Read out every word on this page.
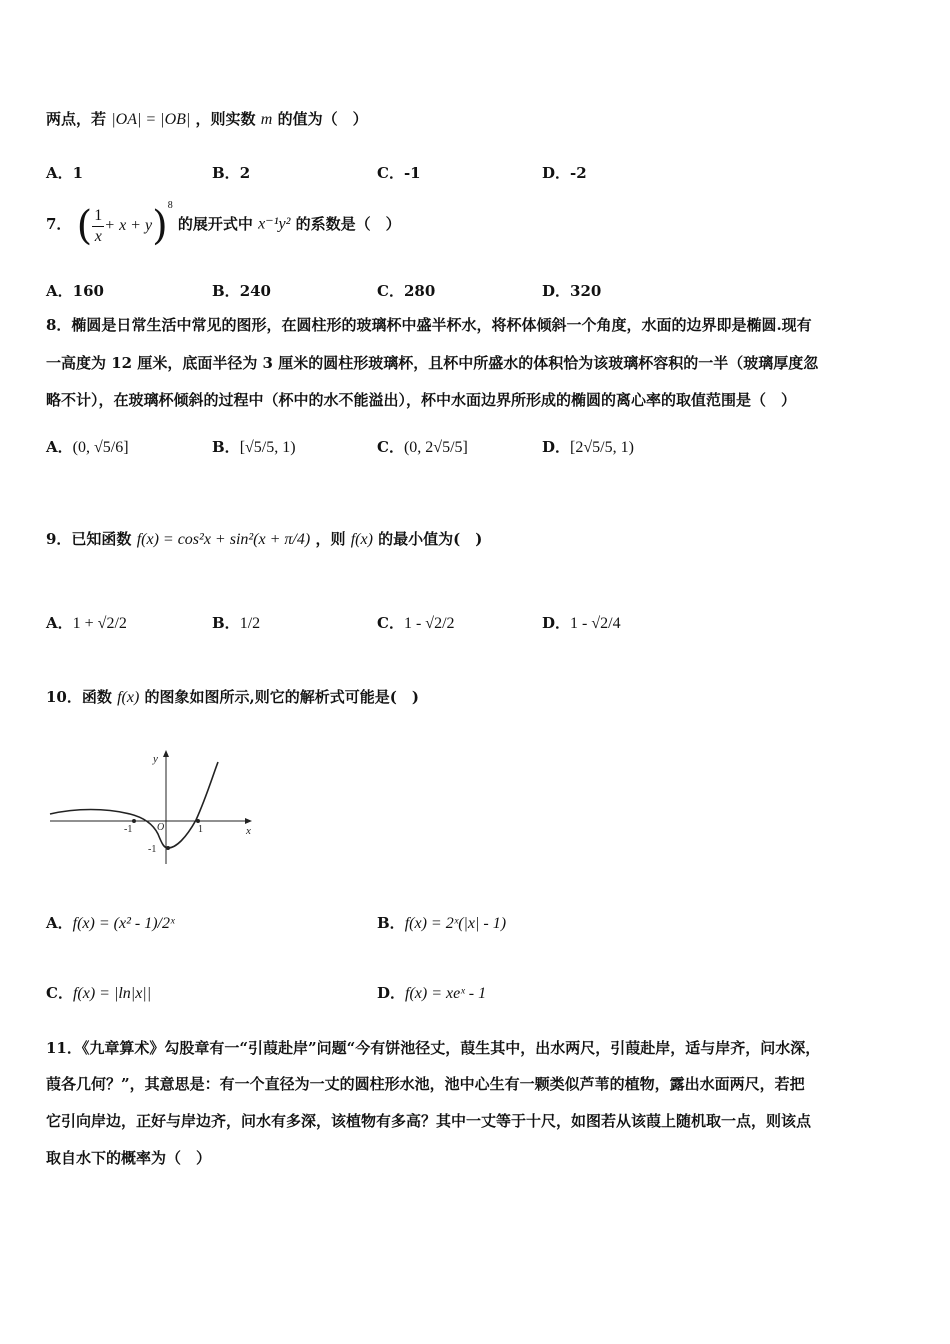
两点，若 |OA| = |OB| ，则实数 m 的值为（　）
A．1	B．2	C．-1	D．-2
7． ( $\frac{1}{x} + x + y)^8$ 的展开式中 x⁻¹y² 的系数是（　）
A．160	B．240	C．280	D．320
8．椭圆是日常生活中常见的图形，在圆柱形的玻璃杯中盛半杯水，将杯体倾斜一个角度，水面的边界即是椭圆.现有
一高度为 12 厘米，底面半径为 3 厘米的圆柱形玻璃杯，且杯中所盛水的体积恰为该玻璃杯容积的一半（玻璃厚度忽
略不计），在玻璃杯倾斜的过程中（杯中的水不能溢出），杯中水面边界所形成的椭圆的离心率的取值范围是（　）
A．(0, √5/6]	B．[√5/5, 1)	C．(0, 2√5/5]	D．[2√5/5, 1)
9．已知函数 f(x) = cos²x + sin²(x + π/4) ，则 f(x) 的最小值为(　)
A．1 + √2/2	B．1/2	C．1 - √2/2	D．1 - √2/4
10．函数 f(x) 的图象如图所示,则它的解析式可能是(　)
y
x
O
-1	1
-1
A．f(x) = (x² - 1)/2ˣ	B．f(x) = 2ˣ(|x| - 1)
C．f(x) = |ln|x||	D．f(x) = xeˣ - 1
11．《九章算术》勾股章有一“引葭赴岸”问题“今有饼池径丈，葭生其中，出水两尺，引葭赴岸，适与岸齐，问水深，
葭各几何？”，其意思是：有一个直径为一丈的圆柱形水池，池中心生有一颗类似芦苇的植物，露出水面两尺，若把
它引向岸边，正好与岸边齐，问水有多深，该植物有多高？其中一丈等于十尺，如图若从该葭上随机取一点，则该点
取自水下的概率为（　）
